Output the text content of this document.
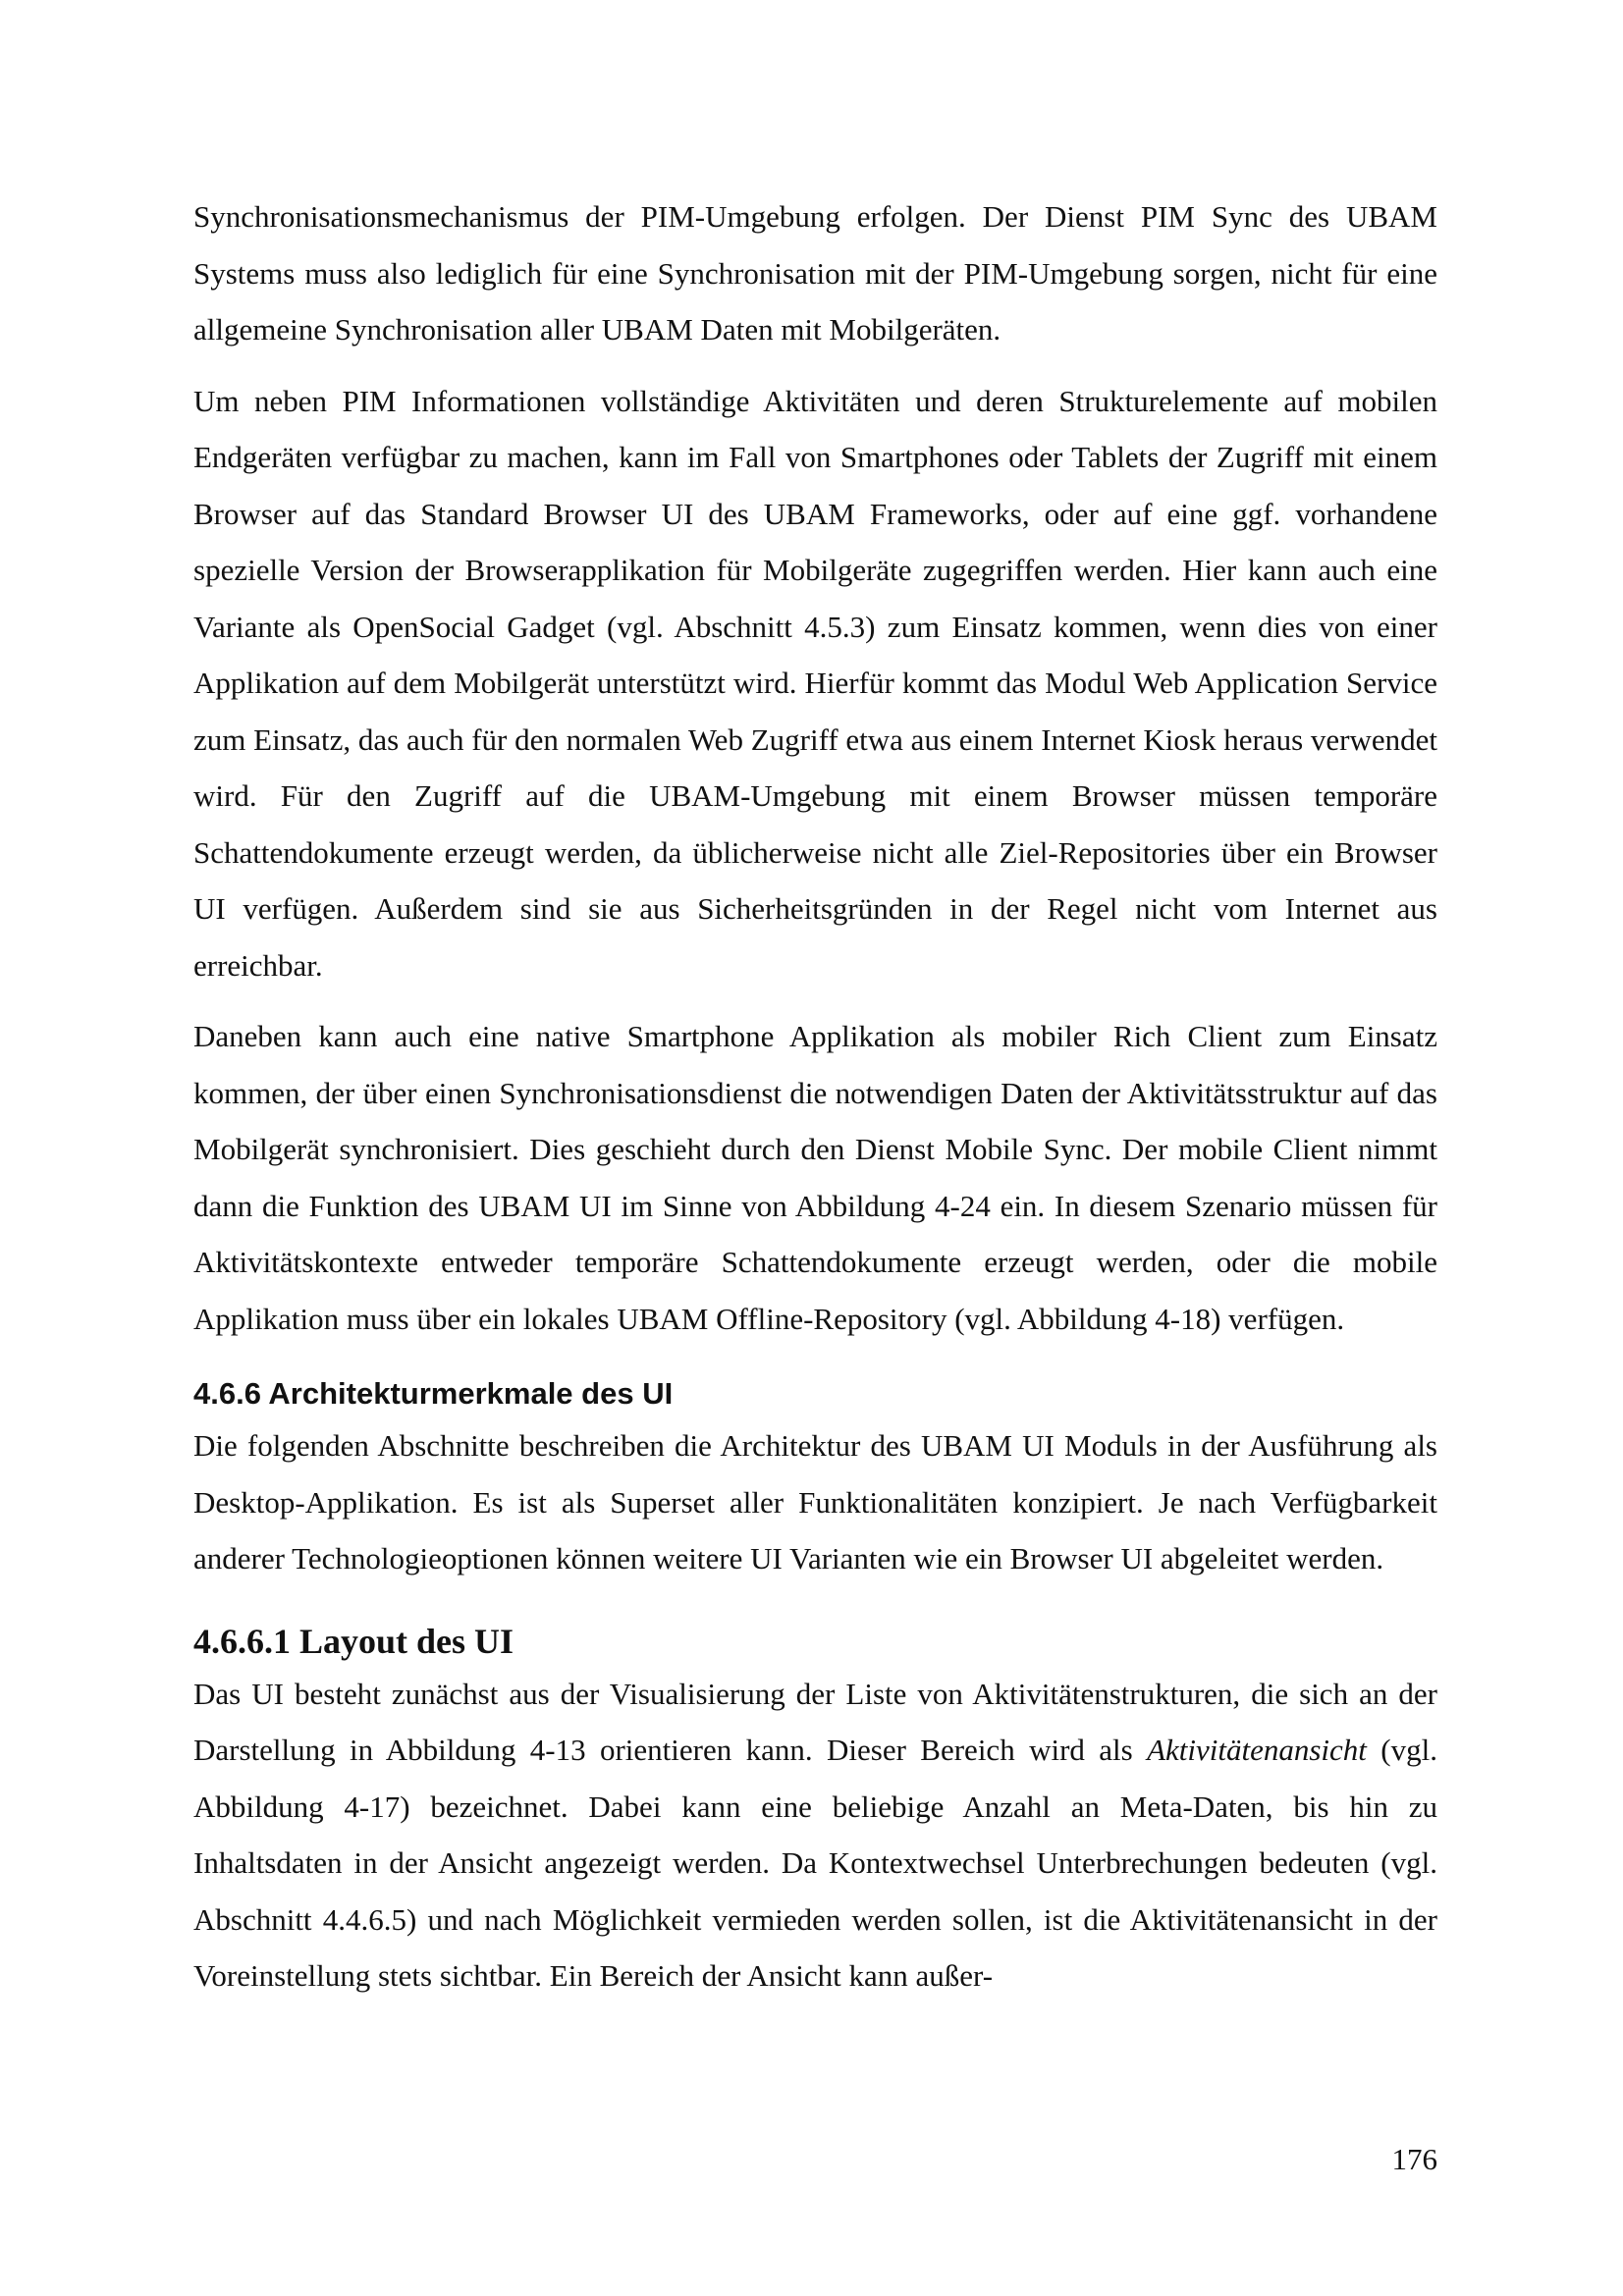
Synchronisationsmechanismus der PIM-Umgebung erfolgen. Der Dienst PIM Sync des UBAM Systems muss also lediglich für eine Synchronisation mit der PIM-Umgebung sorgen, nicht für eine allgemeine Synchronisation aller UBAM Daten mit Mobilgeräten.

Um neben PIM Informationen vollständige Aktivitäten und deren Strukturelemente auf mobilen Endgeräten verfügbar zu machen, kann im Fall von Smartphones oder Tablets der Zugriff mit einem Browser auf das Standard Browser UI des UBAM Frameworks, oder auf eine ggf. vorhandene spezielle Version der Browserapplikation für Mobilgeräte zugegriffen werden. Hier kann auch eine Variante als OpenSocial Gadget (vgl. Abschnitt 4.5.3) zum Einsatz kommen, wenn dies von einer Applikation auf dem Mobilgerät unterstützt wird. Hierfür kommt das Modul Web Application Service zum Einsatz, das auch für den normalen Web Zugriff etwa aus einem Internet Kiosk heraus verwendet wird. Für den Zugriff auf die UBAM-Umgebung mit einem Browser müssen temporäre Schattendokumente erzeugt werden, da üblicherweise nicht alle Ziel-Repositories über ein Browser UI verfügen. Außerdem sind sie aus Sicherheitsgründen in der Regel nicht vom Internet aus erreichbar.

Daneben kann auch eine native Smartphone Applikation als mobiler Rich Client zum Einsatz kommen, der über einen Synchronisationsdienst die notwendigen Daten der Aktivitätsstruktur auf das Mobilgerät synchronisiert. Dies geschieht durch den Dienst Mobile Sync. Der mobile Client nimmt dann die Funktion des UBAM UI im Sinne von Abbildung 4-24 ein. In diesem Szenario müssen für Aktivitätskontexte entweder temporäre Schattendokumente erzeugt werden, oder die mobile Applikation muss über ein lokales UBAM Offline-Repository (vgl. Abbildung 4-18) verfügen.

4.6.6 Architekturmerkmale des UI

Die folgenden Abschnitte beschreiben die Architektur des UBAM UI Moduls in der Ausführung als Desktop-Applikation. Es ist als Superset aller Funktionalitäten konzipiert. Je nach Verfügbarkeit anderer Technologieoptionen können weitere UI Varianten wie ein Browser UI abgeleitet werden.

4.6.6.1 Layout des UI

Das UI besteht zunächst aus der Visualisierung der Liste von Aktivitätenstrukturen, die sich an der Darstellung in Abbildung 4-13 orientieren kann. Dieser Bereich wird als Aktivitätenansicht (vgl. Abbildung 4-17) bezeichnet. Dabei kann eine beliebige Anzahl an Meta-Daten, bis hin zu Inhaltsdaten in der Ansicht angezeigt werden. Da Kontextwechsel Unterbrechungen bedeuten (vgl. Abschnitt 4.4.6.5) und nach Möglichkeit vermieden werden sollen, ist die Aktivitätenansicht in der Voreinstellung stets sichtbar. Ein Bereich der Ansicht kann außer-

176
